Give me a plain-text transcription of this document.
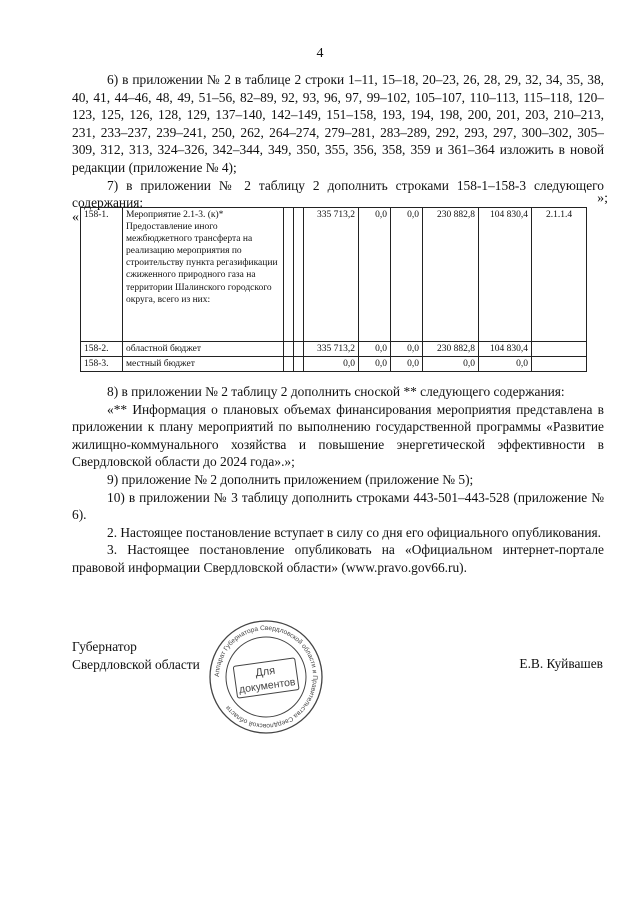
4

6) в приложении № 2 в таблице 2 строки 1–11, 15–18, 20–23, 26, 28, 29, 32, 34, 35, 38, 40, 41, 44–46, 48, 49, 51–56, 82–89, 92, 93, 96, 97, 99–102, 105–107, 110–113, 115–118, 120–123, 125, 126, 128, 129, 137–140, 142–149, 151–158, 193, 194, 198, 200, 201, 203, 210–213, 231, 233–237, 239–241, 250, 262, 264–274, 279–281, 283–289, 292, 293, 297, 300–302, 305–309, 312, 313, 324–326, 342–344, 349, 350, 355, 356, 358, 359 и 361–364 изложить в новой редакции (приложение № 4);

7) в приложении № 2 таблицу 2 дополнить строками 158-1–158-3 следующего содержания:

« 158-1.	Мероприятие 2.1-3. (к)* Предоставление иного межбюджетного трансферта на реализацию мероприятия по строительству пункта регазификации сжиженного природного газа на территории Шалинского городского округа, всего из них:			335 713,2	0,0	0,0	230 882,8	104 830,4	2.1.1.4
158-2.	областной бюджет			335 713,2	0,0	0,0	230 882,8	104 830,4	
158-3.	местный бюджет			0,0	0,0	0,0	0,0	0,0	
»;

8) в приложении № 2 таблицу 2 дополнить сноской ** следующего содержания:

«** Информация о плановых объемах финансирования мероприятия представлена в приложении к плану мероприятий по выполнению государственной программы «Развитие жилищно-коммунального хозяйства и повышение энергетической эффективности в Свердловской области до 2024 года».»;

9) приложение № 2 дополнить приложением (приложение № 5);

10) в приложении № 3 таблицу дополнить строками 443-501–443-528 (приложение № 6).

2. Настоящее постановление вступает в силу со дня его официального опубликования.

3. Настоящее постановление опубликовать на «Официальном интернет-портале правовой информации Свердловской области» (www.pravo.gov66.ru).

Губернатор
Свердловской области	Е.В. Куйвашев
Аппарат Губернатора Свердловской области и Правительства Свердловской области
Для
документов
